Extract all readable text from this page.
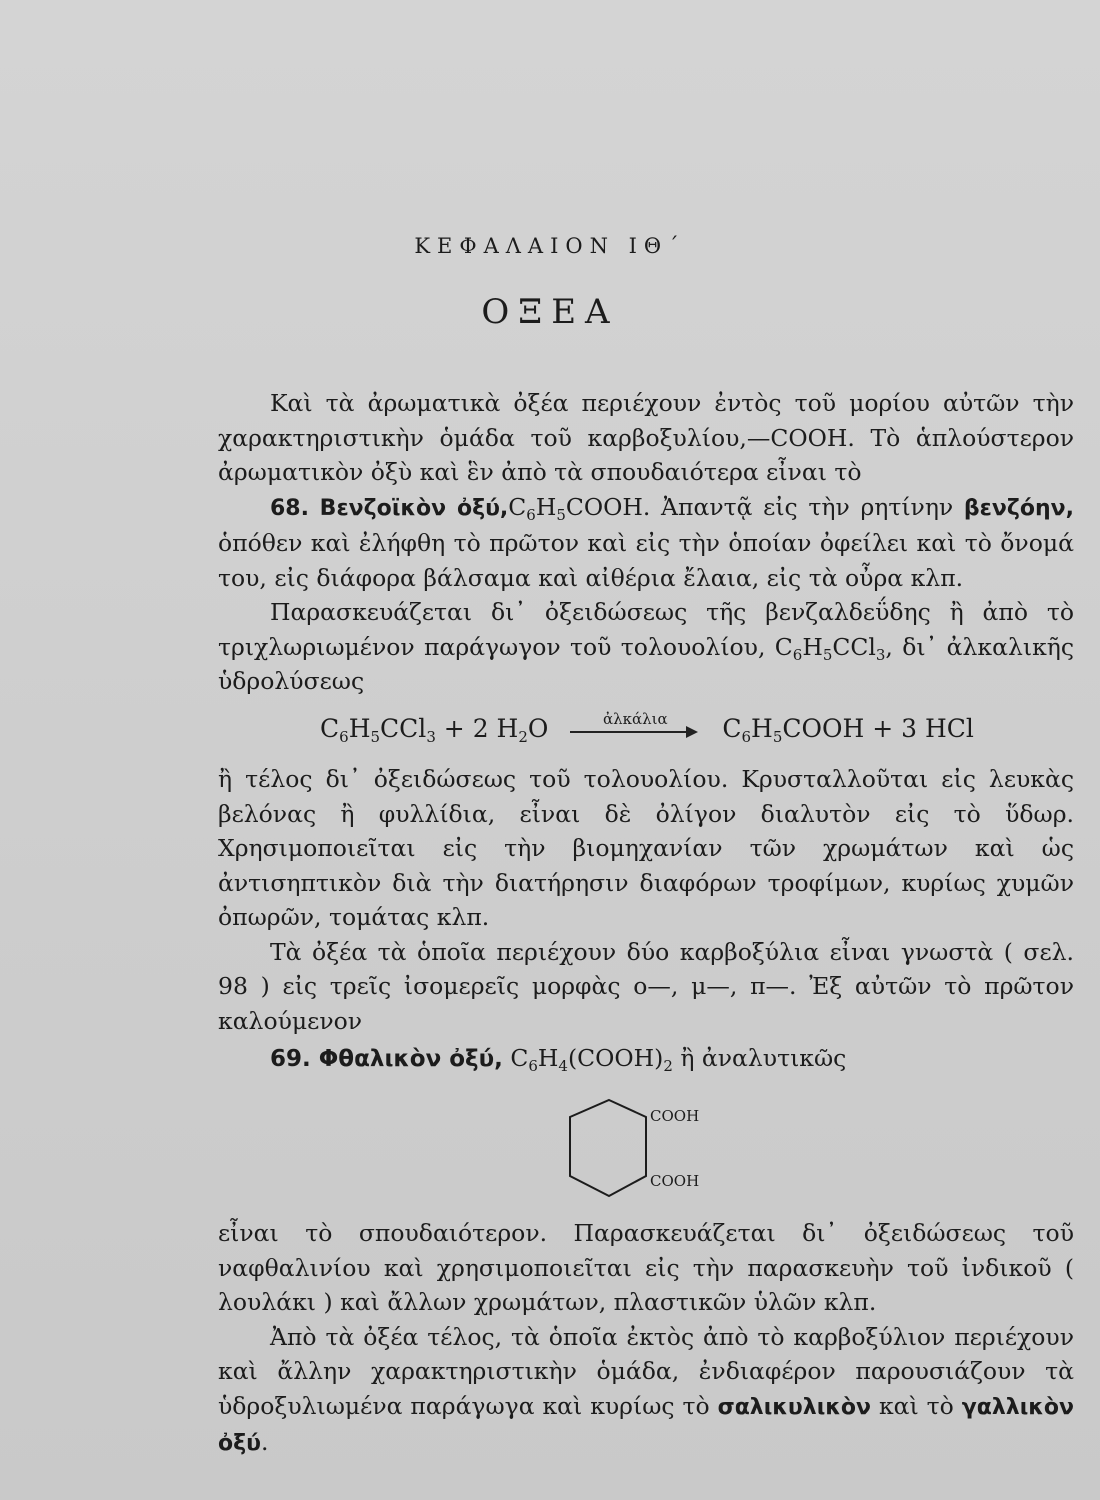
ΚΕΦΑΛΑΙΟΝ ΙΘ΄
ΟΞΕΑ

Καὶ τὰ ἀρωματικὰ ὀξέα περιέχουν ἐντὸς τοῦ μορίου αὐτῶν τὴν χαρακτηριστικὴν ὁμάδα τοῦ καρβοξυλίου,—COOH. Τὸ ἁπλούστερον ἀρωματικὸν ὀξὺ καὶ ἓν ἀπὸ τὰ σπουδαιότερα εἶναι τὸ

68. Βενζοϊκὸν $ὀ\xi ύ,C_6H_5COOH$. Ἀπαντᾷ εἰς τὴν ρητίνην βενζόην, ὁπόθεν καὶ ἐλήφθη τὸ πρῶτον καὶ εἰς τὴν ὁποίαν ὀφείλει καὶ τὸ ὄνομά του, εἰς διάφορα βάλσαμα καὶ αἰθέρια ἔλαια, εἰς τὰ οὖρα κλπ.

Παρασκευάζεται δι᾽ ὀξειδώσεως τῆς βενζαλδεΰδης ἢ ἀπὸ τὸ τριχλωριωμένον παράγωγον τοῦ τολουολίου, $C_6H_5CCl_3$, δι᾽ ἀλκαλικῆς ὑδρολύσεως

$C_6H_5CCl_3 + 2$ $H_2O$	ἀλκάλια	$C_6H_5COOH + 3$ HCl

ἢ τέλος δι᾽ ὀξειδώσεως τοῦ τολουολίου. Κρυσταλλοῦται εἰς λευκὰς βελόνας ἢ φυλλίδια, εἶναι δὲ ὀλίγον διαλυτὸν εἰς τὸ ὕδωρ. Χρησιμοποιεῖται εἰς τὴν βιομηχανίαν τῶν χρωμάτων καὶ ὡς ἀντισηπτικὸν διὰ τὴν διατήρησιν διαφόρων τροφίμων, κυρίως χυμῶν ὀπωρῶν, τομάτας κλπ.

Τὰ ὀξέα τὰ ὁποῖα περιέχουν δύο καρβοξύλια εἶναι γνωστὰ ( σελ. 98 ) εἰς τρεῖς ἰσομερεῖς μορφὰς ο—, μ—, π—. Ἐξ αὐτῶν τὸ πρῶτον καλούμενον

69. Φθαλικὸν ὀξύ, $C_6H_4(COOH)_2$ ἢ ἀναλυτικῶς
COOH
COOH

εἶναι τὸ σπουδαιότερον. Παρασκευάζεται δι᾽ ὀξειδώσεως τοῦ ναφθαλινίου καὶ χρησιμοποιεῖται εἰς τὴν παρασκευὴν τοῦ ἰνδικοῦ ( λουλάκι ) καὶ ἄλλων χρωμάτων, πλαστικῶν ὑλῶν κλπ.

Ἀπὸ τὰ ὀξέα τέλος, τὰ ὁποῖα ἐκτὸς ἀπὸ τὸ καρβοξύλιον περιέχουν καὶ ἄλλην χαρακτηριστικὴν ὁμάδα, ἐνδιαφέρον παρουσιάζουν τὰ ὑδροξυλιωμένα παράγωγα καὶ κυρίως τὸ σαλικυλικὸν καὶ τὸ γαλλικὸν ὀξύ.
